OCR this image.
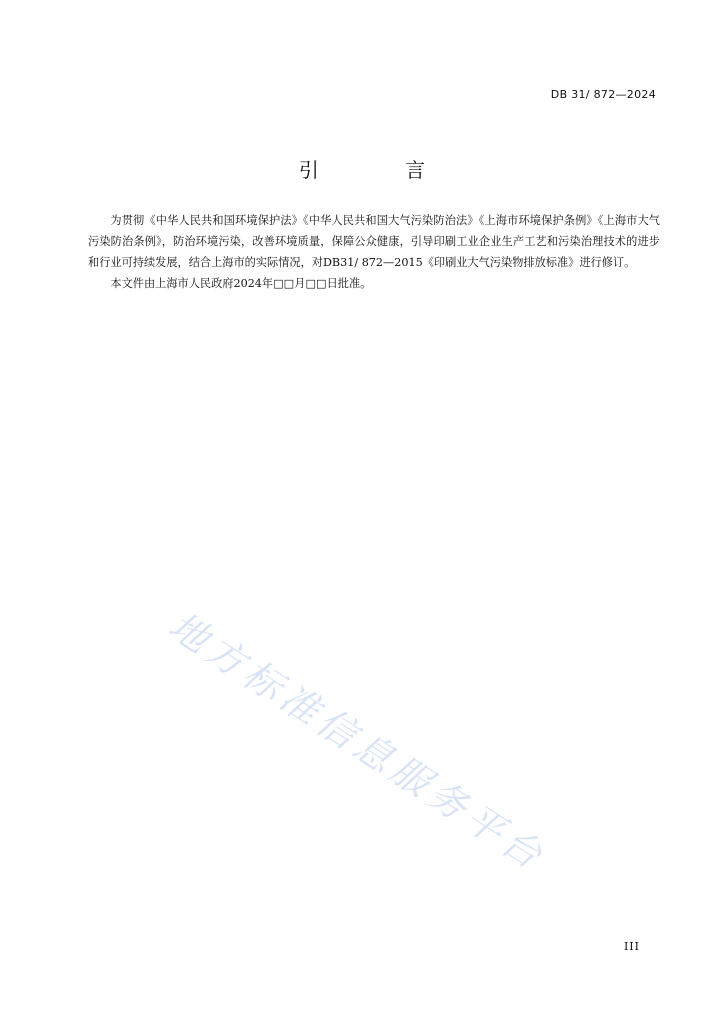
DB 31/ 872—2024
引 言

为贯彻《中华人民共和国环境保护法》《中华人民共和国大气污染防治法》《上海市环境保护条例》《上海市大气污染防治条例》，防治环境污染，改善环境质量，保障公众健康，引导印刷工业企业生产工艺和污染治理技术的进步和行业可持续发展，结合上海市的实际情况，对DB31/ 872—2015《印刷业大气污染物排放标准》进行修订。

本文件由上海市人民政府2024年□□月□□日批准。

地方标准信息服务平台
III
